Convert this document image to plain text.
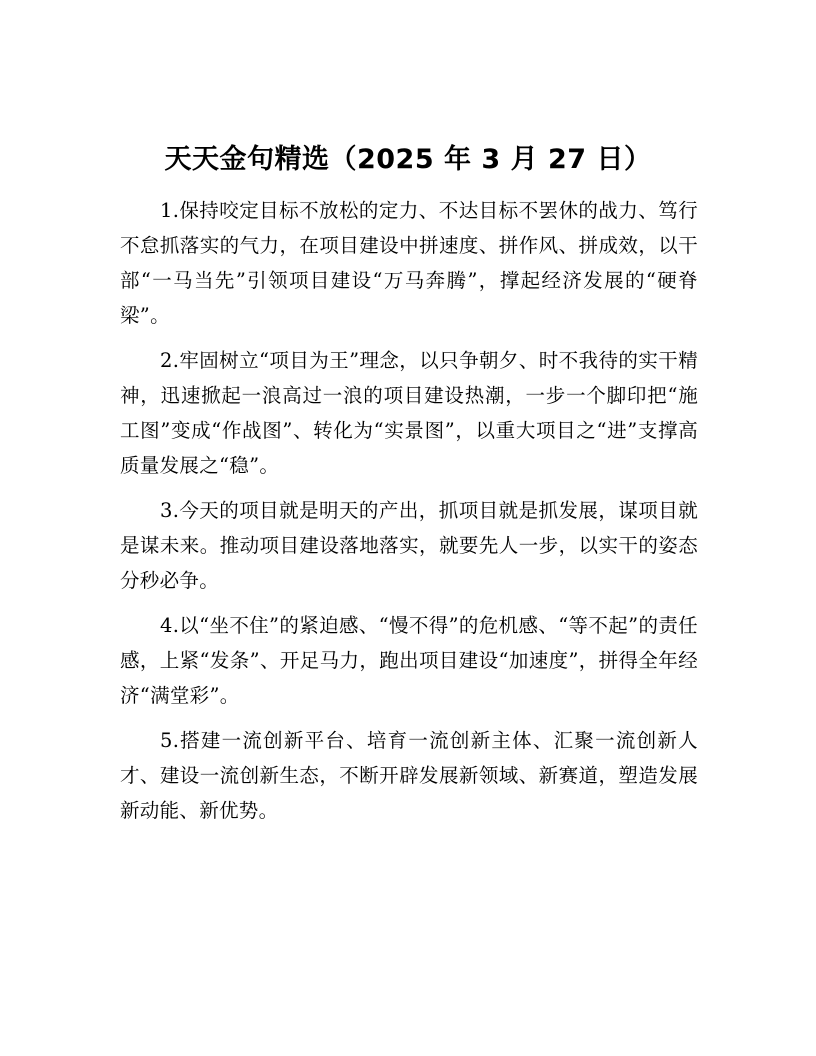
天天金句精选（2025 年 3 月 27 日）

1.保持咬定目标不放松的定力、不达目标不罢休的战力、笃行不怠抓落实的气力，在项目建设中拼速度、拼作风、拼成效，以干部“一马当先”引领项目建设“万马奔腾”，撑起经济发展的“硬脊梁”。

2.牢固树立“项目为王”理念，以只争朝夕、时不我待的实干精神，迅速掀起一浪高过一浪的项目建设热潮，一步一个脚印把“施工图”变成“作战图”、转化为“实景图”，以重大项目之“进”支撑高质量发展之“稳”。

3.今天的项目就是明天的产出，抓项目就是抓发展，谋项目就是谋未来。推动项目建设落地落实，就要先人一步，以实干的姿态分秒必争。

4.以“坐不住”的紧迫感、“慢不得”的危机感、“等不起”的责任感，上紧“发条”、开足马力，跑出项目建设“加速度”，拼得全年经济“满堂彩”。

5.搭建一流创新平台、培育一流创新主体、汇聚一流创新人才、建设一流创新生态，不断开辟发展新领域、新赛道，塑造发展新动能、新优势。
